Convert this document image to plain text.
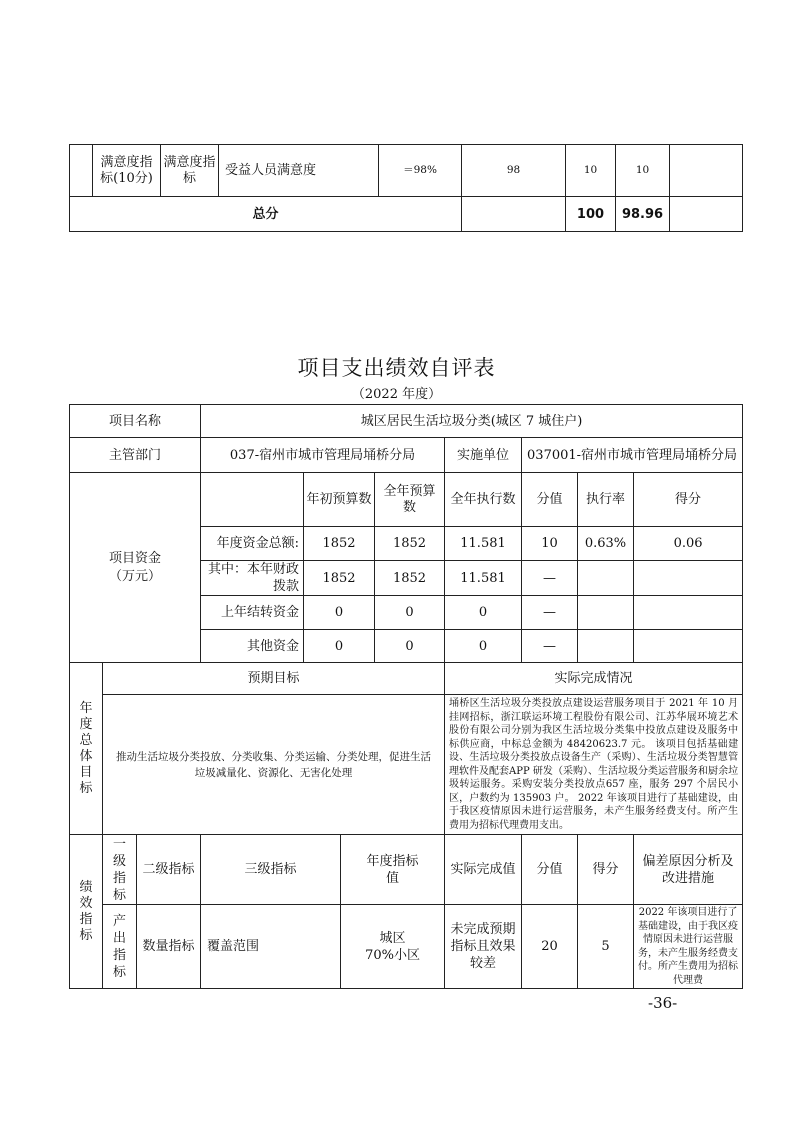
	满意度指标(10分)	满意度指标	受益人员满意度	＝98%	98	10	10	
总分						100	98.96	
项目支出绩效自评表
（2022 年度）
项目名称			城区居民生活垃圾分类(城区 7 城住户)							
主管部门			037-宿州市城市管理局埇桥分局				实施单位	037001-宿州市城市管理局埇桥分局		

项目资金（万元）				年初预算数		全年预算数	全年执行数	分值	执行率	得分
			年度资金总额:	1852		1852	11.581	10	0.63%	0.06
			其中：本年财政拨款	1852		1852	11.581	—		
			上年结转资金	0		0	0	—		
			其他资金	0		0	0	—		

年度总体目标	预期目标						实际完成情况			
	推动生活垃圾分类投放、分类收集、分类运输、分类处理，促进生活垃圾减量化、资源化、无害化处理						埇桥区生活垃圾分类投放点建设运营服务项目于 2021 年 10 月挂网招标，浙江联运环境工程股份有限公司、江苏华展环境艺术股份有限公司分别为我区生活垃圾分类集中投放点建设及服务中标供应商，中标总金额为 48420623.7 元。 该项目包括基础建设、生活垃圾分类投放点设备生产（采购）、生活垃圾分类智慧管理软件及配套APP 研发（采购）、生活垃圾分类运营服务和厨余垃圾转运服务。采购安装分类投放点657 座，服务 297 个居民小区，户数约为 135903 户。 2022 年该项目进行了基础建设，由于我区疫情原因未进行运营服务，未产生服务经费支付。所产生费用为招标代理费用支出。			

绩效指标	一级指标	二级指标	三级指标		年度指标值		实际完成值	分值	得分	偏差原因分析及改进措施

	产出指标	数量指标	覆盖范围		城区 70%小区		未完成预期指标且效果较差	20	5	2022 年该项目进行了基础建设，由于我区疫情原因未进行运营服务，未产生服务经费支付。所产生费用为招标代理费
-36-
